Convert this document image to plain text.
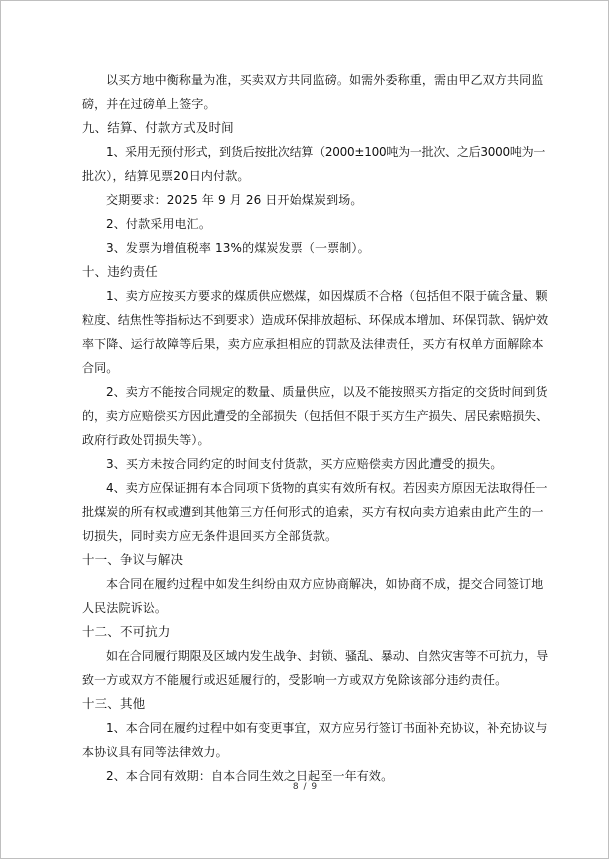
以买方地中衡称量为准，买卖双方共同监磅。如需外委称重，需由甲乙双方共同监
磅，并在过磅单上签字。
九、结算、付款方式及时间
1、采用无预付形式，到货后按批次结算（2000±100吨为一批次、之后3000吨为一
批次），结算见票20日内付款。
交期要求：2025 年 9 月 26 日开始煤炭到场。
2、付款采用电汇。
3、发票为增值税率 13%的煤炭发票（一票制）。
十、违约责任
1、卖方应按买方要求的煤质供应燃煤，如因煤质不合格（包括但不限于硫含量、颗
粒度、结焦性等指标达不到要求）造成环保排放超标、环保成本增加、环保罚款、锅炉效
率下降、运行故障等后果，卖方应承担相应的罚款及法律责任，买方有权单方面解除本
合同。
2、卖方不能按合同规定的数量、质量供应，以及不能按照买方指定的交货时间到货
的，卖方应赔偿买方因此遭受的全部损失（包括但不限于买方生产损失、居民索赔损失、
政府行政处罚损失等）。
3、买方未按合同约定的时间支付货款，买方应赔偿卖方因此遭受的损失。
4、卖方应保证拥有本合同项下货物的真实有效所有权。若因卖方原因无法取得任一
批煤炭的所有权或遭到其他第三方任何形式的追索，买方有权向卖方追索由此产生的一
切损失，同时卖方应无条件退回买方全部货款。
十一、争议与解决
本合同在履约过程中如发生纠纷由双方应协商解决，如协商不成，提交合同签订地
人民法院诉讼。
十二、不可抗力
如在合同履行期限及区域内发生战争、封锁、骚乱、暴动、自然灾害等不可抗力，导
致一方或双方不能履行或迟延履行的，受影响一方或双方免除该部分违约责任。
十三、其他
1、本合同在履约过程中如有变更事宜，双方应另行签订书面补充协议，补充协议与
本协议具有同等法律效力。
2、本合同有效期：自本合同生效之日起至一年有效。
8 / 9
